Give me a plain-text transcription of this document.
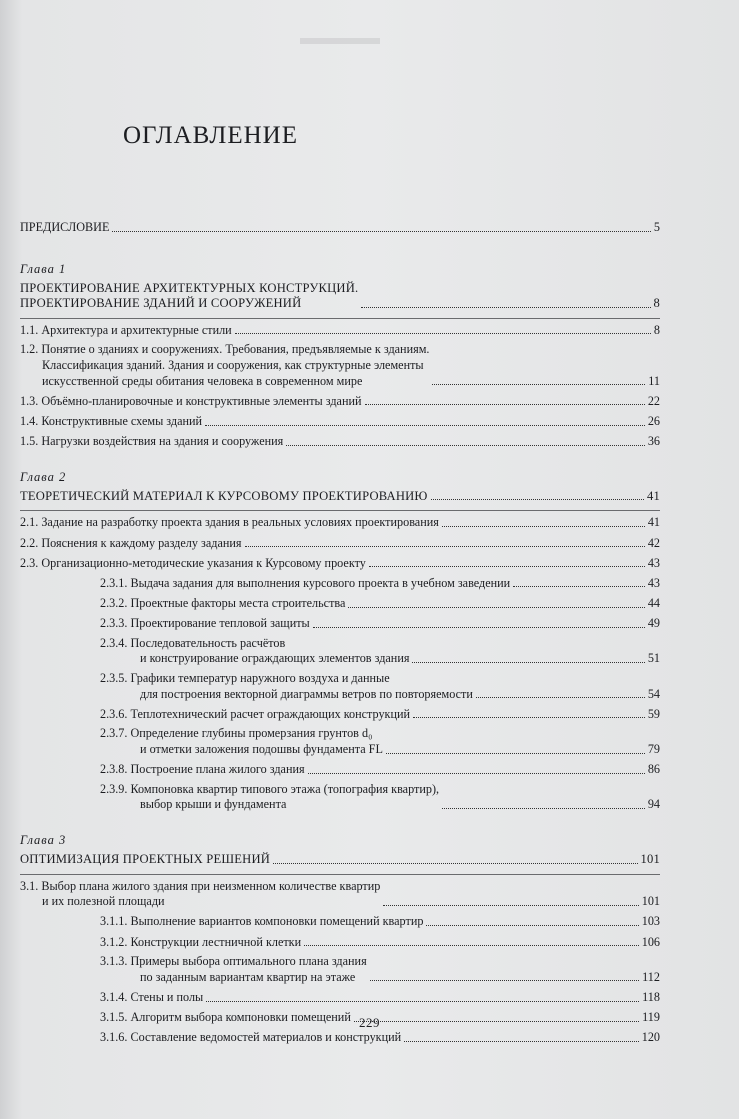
ОГЛАВЛЕНИЕ
ПРЕДИСЛОВИЕ	5
Глава 1
ПРОЕКТИРОВАНИЕ АРХИТЕКТУРНЫХ КОНСТРУКЦИЙ.
ПРОЕКТИРОВАНИЕ ЗДАНИЙ И СООРУЖЕНИЙ	8
1.1. Архитектура и архитектурные стили	8
1.2. Понятие о зданиях и сооружениях. Требования, предъявляемые к зданиям.
Классификация зданий. Здания и сооружения, как структурные элементы
искусственной среды обитания человека в современном мире	11
1.3. Объёмно-планировочные и конструктивные элементы зданий	22
1.4. Конструктивные схемы зданий	26
1.5. Нагрузки воздействия на здания и сооружения	36
Глава 2
ТЕОРЕТИЧЕСКИЙ МАТЕРИАЛ К КУРСОВОМУ ПРОЕКТИРОВАНИЮ	41
2.1. Задание на разработку проекта здания в реальных условиях проектирования	41
2.2. Пояснения к каждому разделу задания	42
2.3. Организационно-методические указания к Курсовому проекту	43
2.3.1. Выдача задания для выполнения курсового проекта в учебном заведении	43
2.3.2. Проектные факторы места строительства	44
2.3.3. Проектирование тепловой защиты	49
2.3.4. Последовательность расчётов
и конструирование ограждающих элементов здания	51
2.3.5. Графики температур наружного воздуха и данные
для построения векторной диаграммы ветров по повторяемости	54
2.3.6. Теплотехнический расчет ограждающих конструкций	59
2.3.7. Определение глубины промерзания грунтов d₀
и отметки заложения подошвы фундамента FL	79
2.3.8. Построение плана жилого здания	86
2.3.9. Компоновка квартир типового этажа (топография квартир),
выбор крыши и фундамента	94
Глава 3
ОПТИМИЗАЦИЯ ПРОЕКТНЫХ РЕШЕНИЙ	101
3.1. Выбор плана жилого здания при неизменном количестве квартир
и их полезной площади	101
3.1.1. Выполнение вариантов компоновки помещений квартир	103
3.1.2. Конструкции лестничной клетки	106
3.1.3. Примеры выбора оптимального плана здания
по заданным вариантам квартир на этаже	112
3.1.4. Стены и полы	118
3.1.5. Алгоритм выбора компоновки помещений	119
3.1.6. Составление ведомостей материалов и конструкций	120
229
